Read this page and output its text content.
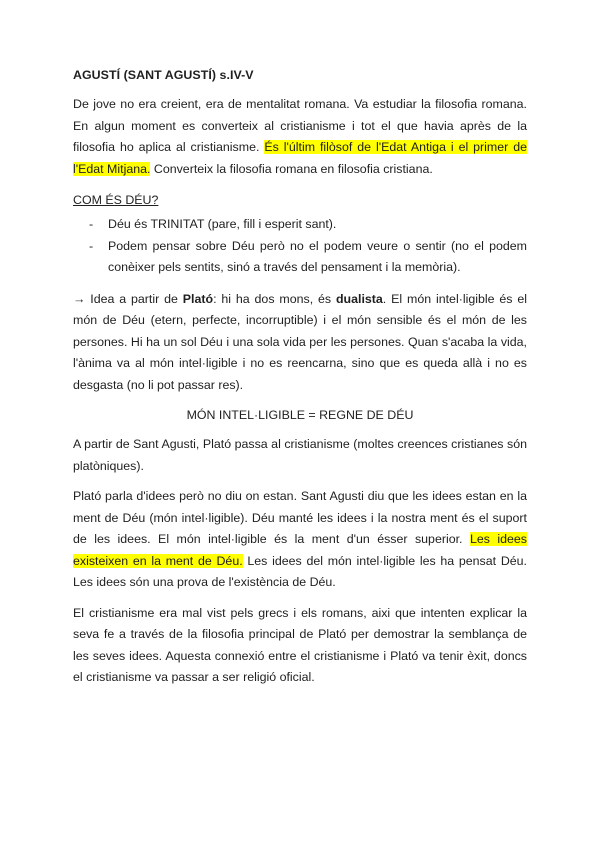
AGUSTÍ (SANT AGUSTÍ) s.IV-V

De jove no era creient, era de mentalitat romana. Va estudiar la filosofia romana. En algun moment es converteix al cristianisme i tot el que havia après de la filosofia ho aplica al cristianisme. És l'últim filòsof de l'Edat Antiga i el primer de l'Edat Mitjana. Converteix la filosofia romana en filosofia cristiana.

COM ÉS DÉU?
- Déu és TRINITAT (pare, fill i esperit sant).
- Podem pensar sobre Déu però no el podem veure o sentir (no el podem conèixer pels sentits, sinó a través del pensament i la memòria).

→ Idea a partir de Plató: hi ha dos mons, és dualista. El món intel·ligible és el món de Déu (etern, perfecte, incorruptible) i el món sensible és el món de les persones. Hi ha un sol Déu i una sola vida per les persones. Quan s'acaba la vida, l'ànima va al món intel·ligible i no es reencarna, sino que es queda allà i no es desgasta (no li pot passar res).

MÓN INTEL·LIGIBLE = REGNE DE DÉU

A partir de Sant Agusti, Plató passa al cristianisme (moltes creences cristianes són platòniques).

Plató parla d'idees però no diu on estan. Sant Agusti diu que les idees estan en la ment de Déu (món intel·ligible). Déu manté les idees i la nostra ment és el suport de les idees. El món intel·ligible és la ment d'un ésser superior. Les idees existeixen en la ment de Déu. Les idees del món intel·ligible les ha pensat Déu. Les idees són una prova de l'existència de Déu.

El cristianisme era mal vist pels grecs i els romans, aixi que intenten explicar la seva fe a través de la filosofia principal de Plató per demostrar la semblança de les seves idees. Aquesta connexió entre el cristianisme i Plató va tenir èxit, doncs el cristianisme va passar a ser religió oficial.
